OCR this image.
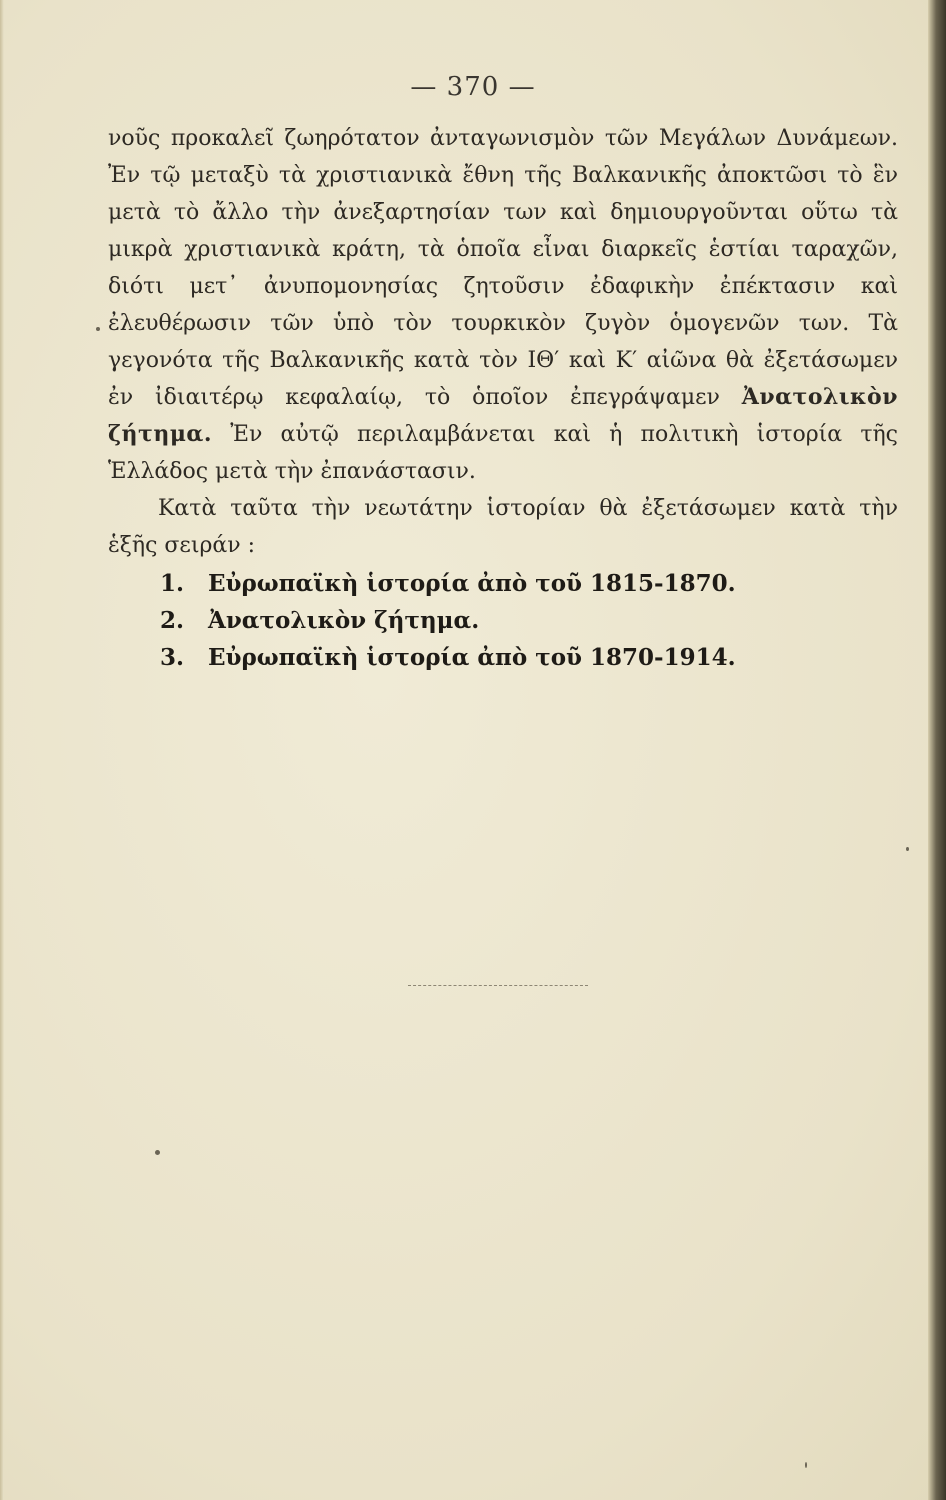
— 370 —

νοῦς προκαλεῖ ζωηρότατον ἀνταγωνισμὸν τῶν Μεγάλων Δυνάμεων. Ἐν τῷ μεταξὺ τὰ χριστιανικὰ ἔθνη τῆς Βαλκανικῆς ἀποκτῶσι τὸ ἓν μετὰ τὸ ἄλλο τὴν ἀνεξαρτησίαν των καὶ δημιουργοῦνται οὕτω τὰ μικρὰ χριστιανικὰ κράτη, τὰ ὁποῖα εἶναι διαρκεῖς ἑστίαι ταραχῶν, διότι μετ᾽ ἀνυπομονησίας ζητοῦσιν ἐδαφικὴν ἐπέκτασιν καὶ ἐλευθέρωσιν τῶν ὑπὸ τὸν τουρκικὸν ζυγὸν ὁμογενῶν των. Τὰ γεγονότα τῆς Βαλκανικῆς κατὰ τὸν ΙΘ′ καὶ Κ′ αἰῶνα θὰ ἐξετάσωμεν ἐν ἰδιαιτέρῳ κεφαλαίῳ, τὸ ὁποῖον ἐπεγράψαμεν Ἀνατολικὸν ζήτημα. Ἐν αὐτῷ περιλαμβάνεται καὶ ἡ πολιτικὴ ἱστορία τῆς Ἑλλάδος μετὰ τὴν ἐπανάστασιν.

Κατὰ ταῦτα τὴν νεωτάτην ἱστορίαν θὰ ἐξετάσωμεν κατὰ τὴν ἑξῆς σειράν :

1.	Εὐρωπαϊκὴ ἱστορία ἀπὸ τοῦ 1815-1870.
2.	Ἀνατολικὸν ζήτημα.
3.	Εὐρωπαϊκὴ ἱστορία ἀπὸ τοῦ 1870-1914.
